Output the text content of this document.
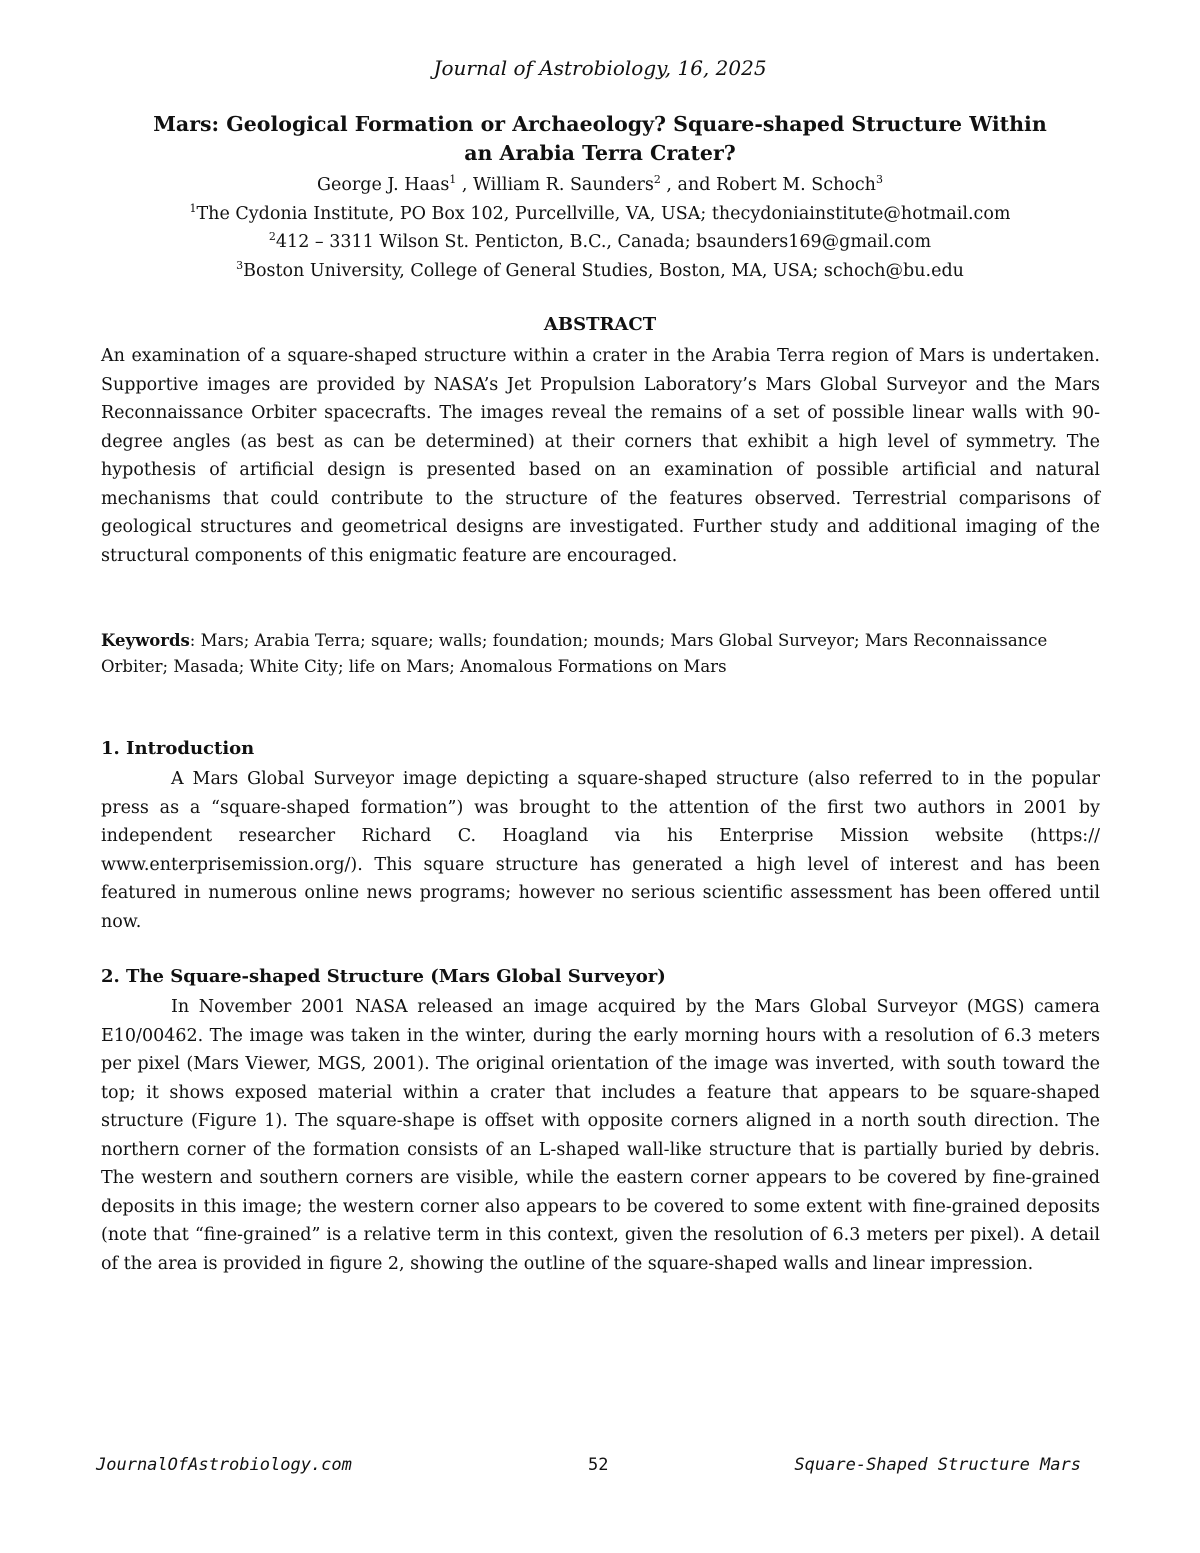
Journal of Astrobiology, 16, 2025
Mars: Geological Formation or Archaeology? Square-shaped Structure Within
an Arabia Terra Crater?
George J. Haas$^1$ , William R. Saunders$^2$ , and Robert M. Schoch$^3$
$^1$The Cydonia Institute, PO Box 102, Purcellville, VA, USA; thecydoniainstitute@hotmail.com
$^2$412 – 3311 Wilson St. Penticton, B.C., Canada; bsaunders169@gmail.com
$^3$Boston University, College of General Studies, Boston, MA, USA; schoch@bu.edu
ABSTRACT

An examination of a square-shaped structure within a crater in the Arabia Terra region of Mars is undertaken. Supportive images are provided by NASA’s Jet Propulsion Laboratory’s Mars Global Surveyor and the Mars Reconnaissance Orbiter spacecrafts. The images reveal the remains of a set of possible linear walls with 90-degree angles (as best as can be determined) at their corners that exhibit a high level of symmetry. The hypothesis of artificial design is presented based on an examination of possible artificial and natural mechanisms that could contribute to the structure of the features observed. Terrestrial comparisons of geological structures and geometrical designs are investigated. Further study and additional imaging of the structural components of this enigmatic feature are encouraged.

Keywords: Mars; Arabia Terra; square; walls; foundation; mounds; Mars Global Surveyor; Mars Reconnaissance Orbiter; Masada; White City; life on Mars; Anomalous Formations on Mars

1. Introduction

A Mars Global Surveyor image depicting a square-shaped structure (also referred to in the popular press as a “square-shaped formation”) was brought to the attention of the first two authors in 2001 by independent researcher Richard C. Hoagland via his Enterprise Mission website (https:// www.enterprisemission.org/). This square structure has generated a high level of interest and has been featured in numerous online news programs; however no serious scientific assessment has been offered until now.

2. The Square-shaped Structure (Mars Global Surveyor)

In November 2001 NASA released an image acquired by the Mars Global Surveyor (MGS) camera E10/00462. The image was taken in the winter, during the early morning hours with a resolution of 6.3 meters per pixel (Mars Viewer, MGS, 2001). The original orientation of the image was inverted, with south toward the top; it shows exposed material within a crater that includes a feature that appears to be square-shaped structure (Figure 1). The square-shape is offset with opposite corners aligned in a north south direction. The northern corner of the formation consists of an L-shaped wall-like structure that is partially buried by debris. The western and southern corners are visible, while the eastern corner appears to be covered by fine-grained deposits in this image; the western corner also appears to be covered to some extent with fine-grained deposits (note that “fine-grained” is a relative term in this context, given the resolution of 6.3 meters per pixel). A detail of the area is provided in figure 2, showing the outline of the square-shaped walls and linear impression.

JournalOfAstrobiology.com	52	Square-Shaped Structure Mars
